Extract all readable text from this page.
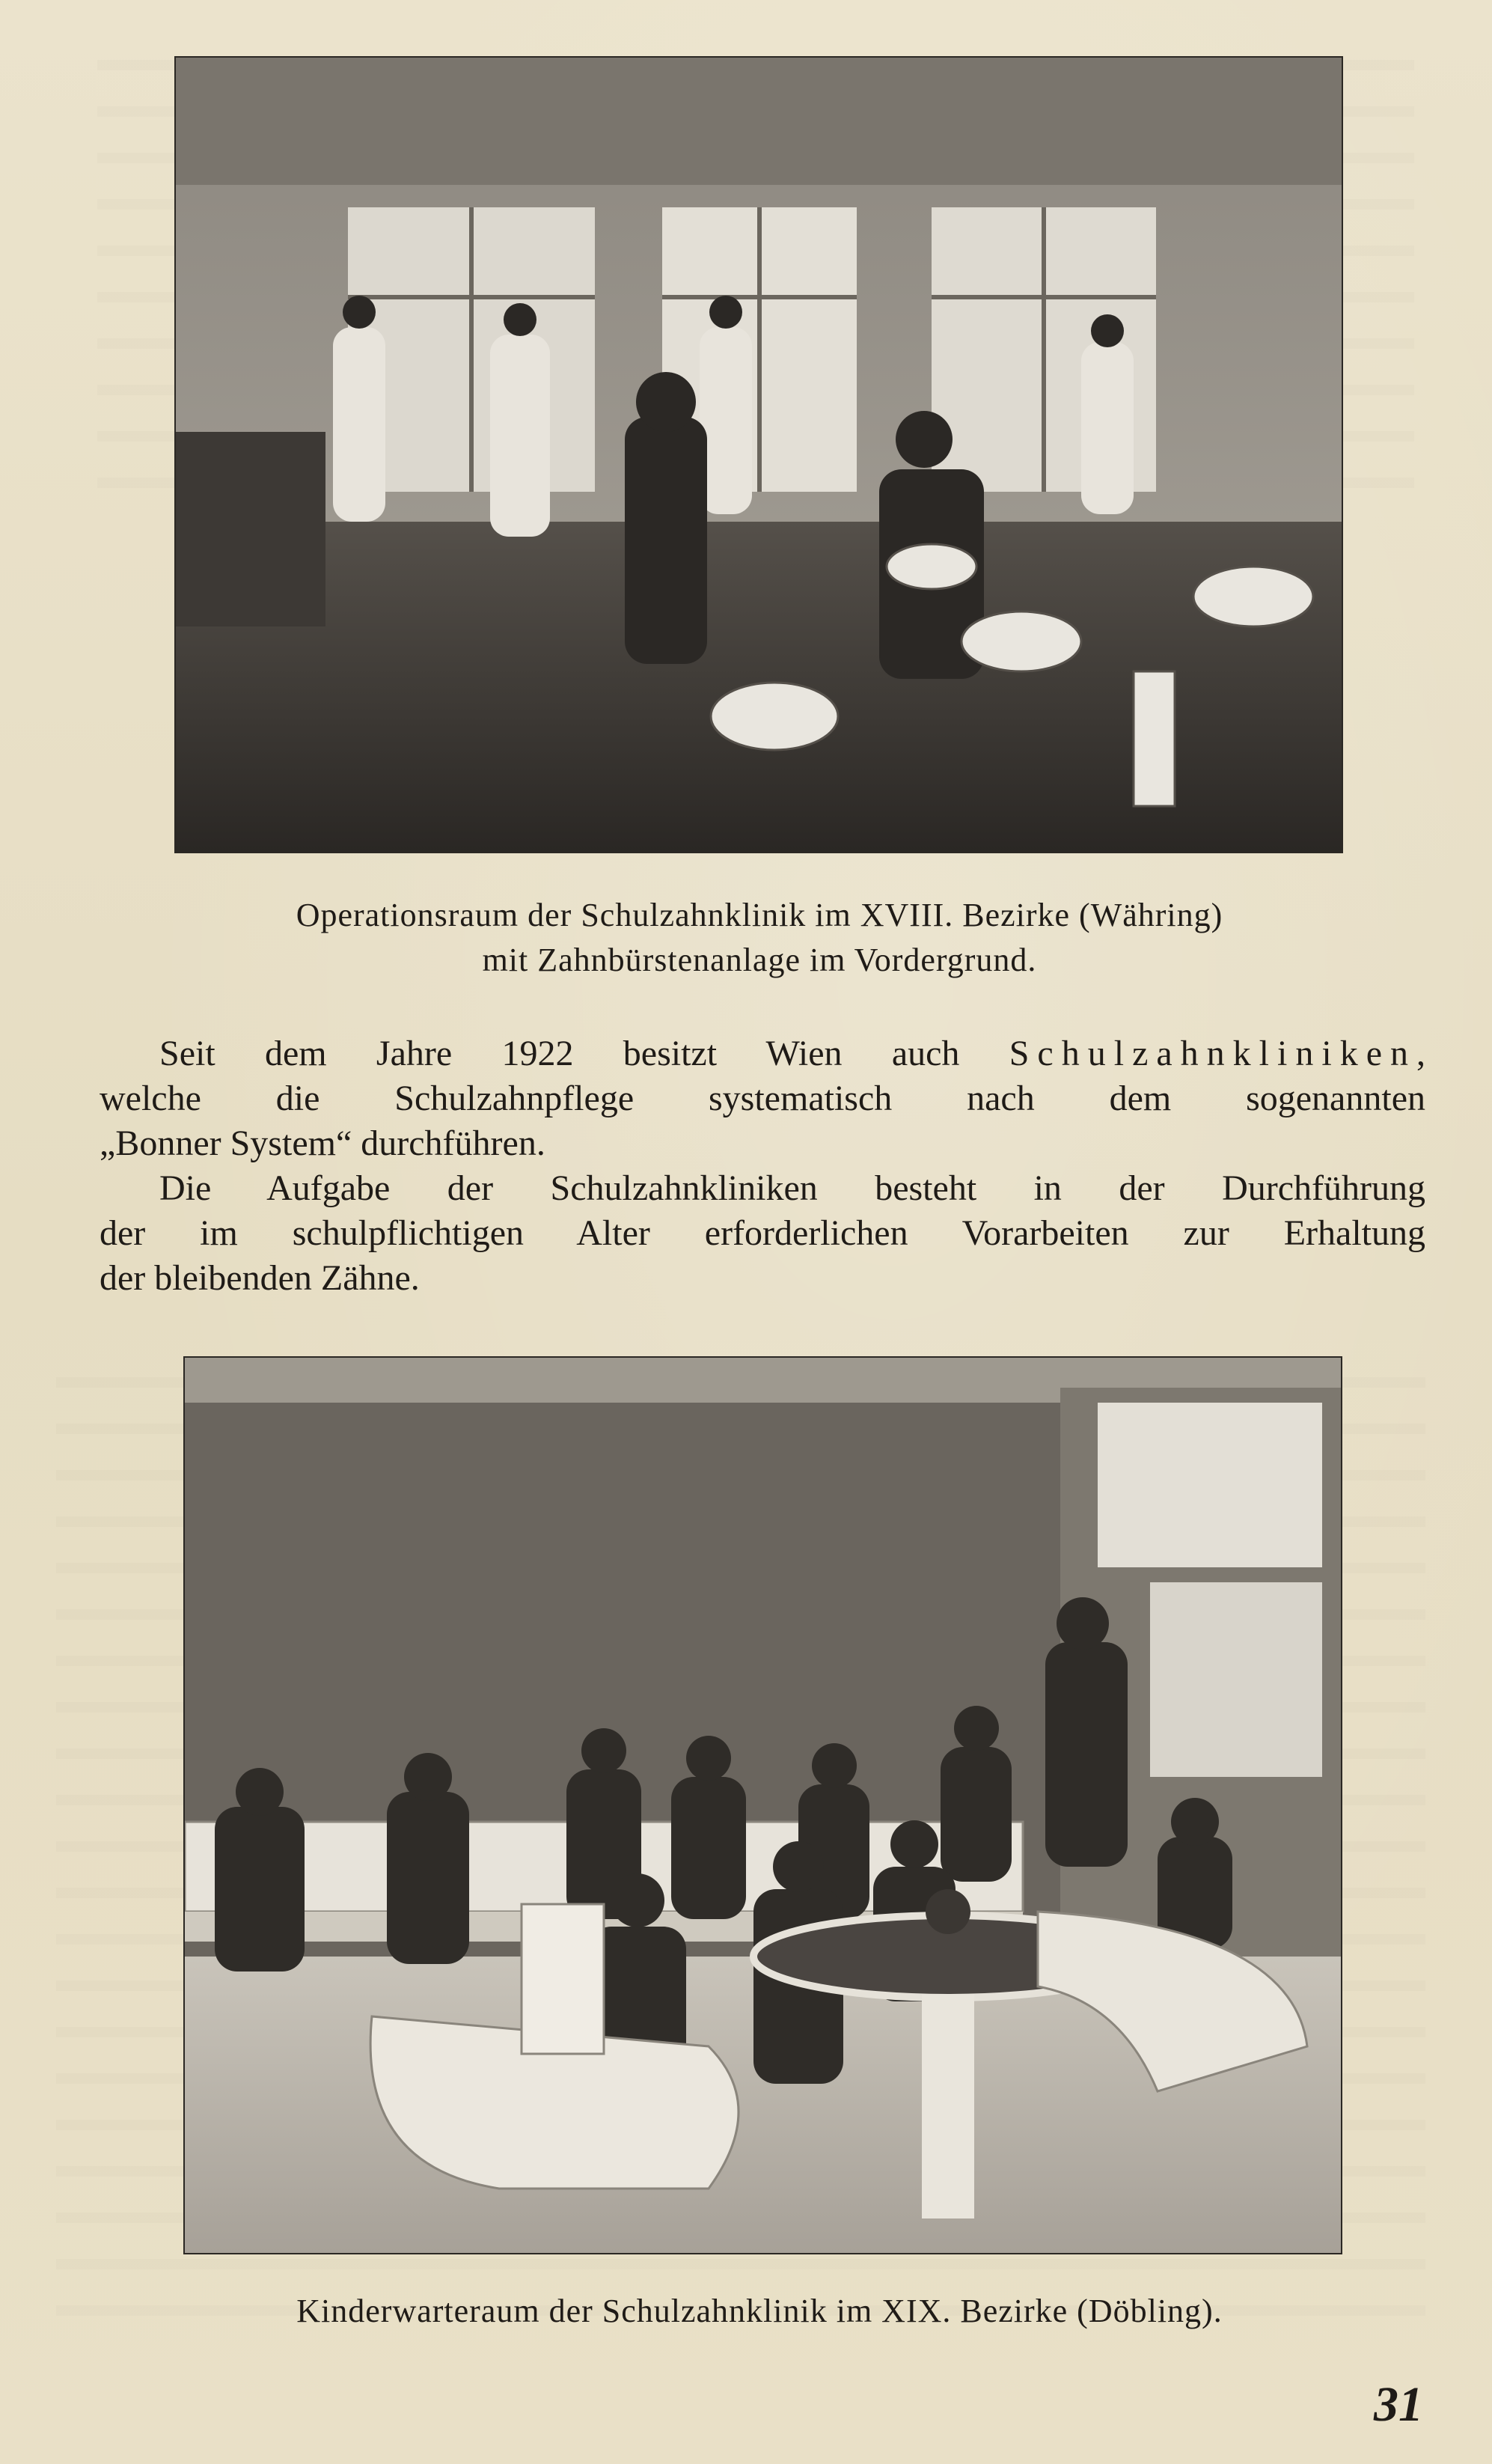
Operationsraum der Schulzahnklinik im XVIII. Bezirke (Währing)
mit Zahnbürstenanlage im Vordergrund.

Seit dem Jahre 1922 besitzt Wien auch Schulzahnkliniken,
welche die Schulzahnpflege systematisch nach dem sogenannten
„Bonner System“ durchführen.

Die Aufgabe der Schulzahnkliniken besteht in der Durchführung
der im schulpflichtigen Alter erforderlichen Vorarbeiten zur Erhaltung
der bleibenden Zähne.

Kinderwarteraum der Schulzahnklinik im XIX. Bezirke (Döbling).
31
